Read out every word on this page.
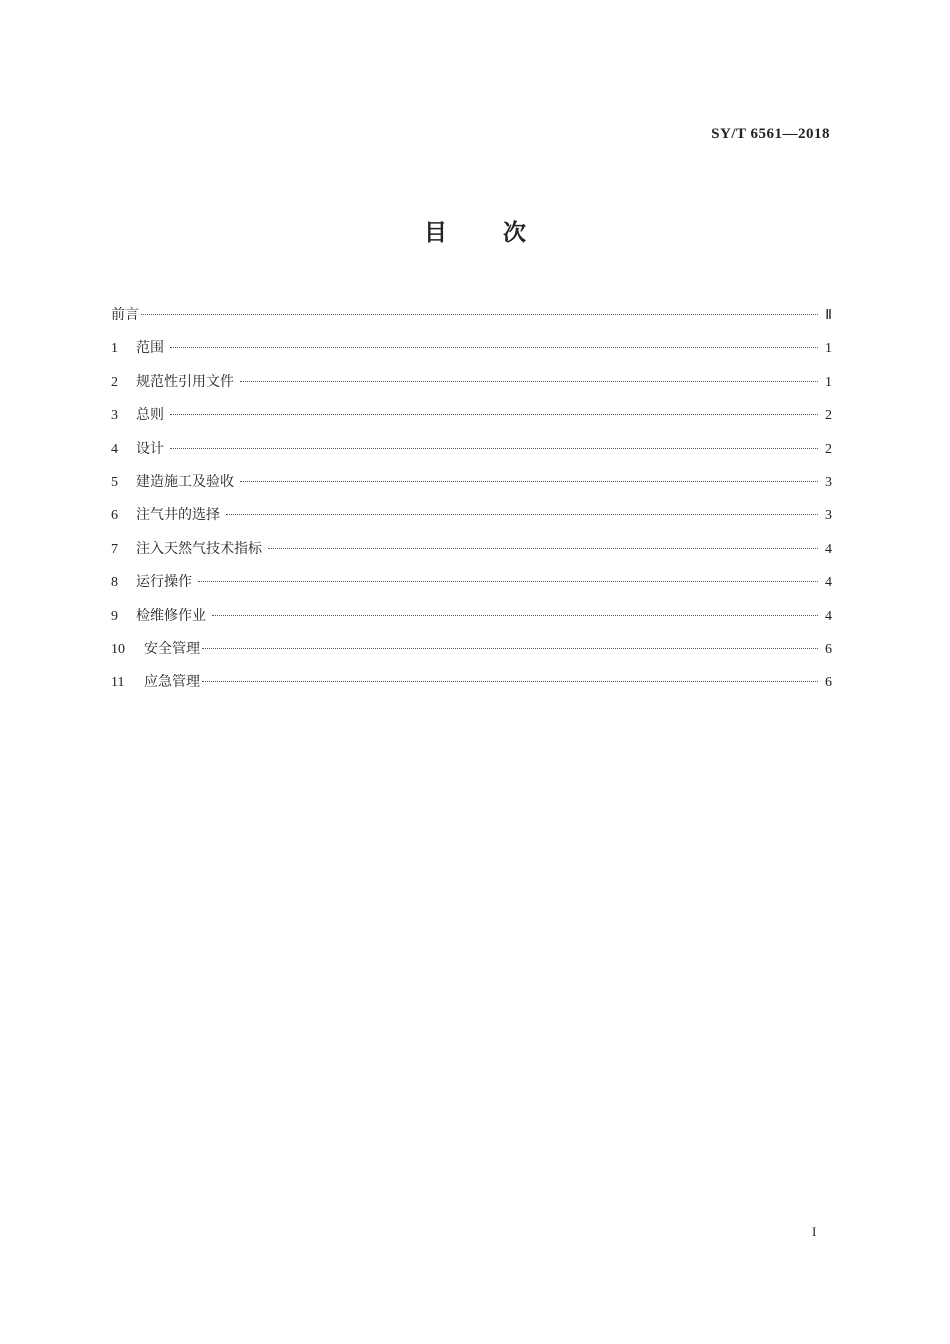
SY/T 6561—2018
目 次
前言	Ⅱ
1	范围	1
2	规范性引用文件	1
3	总则	2
4	设计	2
5	建造施工及验收	3
6	注气井的选择	3
7	注入天然气技术指标	4
8	运行操作	4
9	检维修作业	4
10	安全管理	6
11	应急管理	6
I
